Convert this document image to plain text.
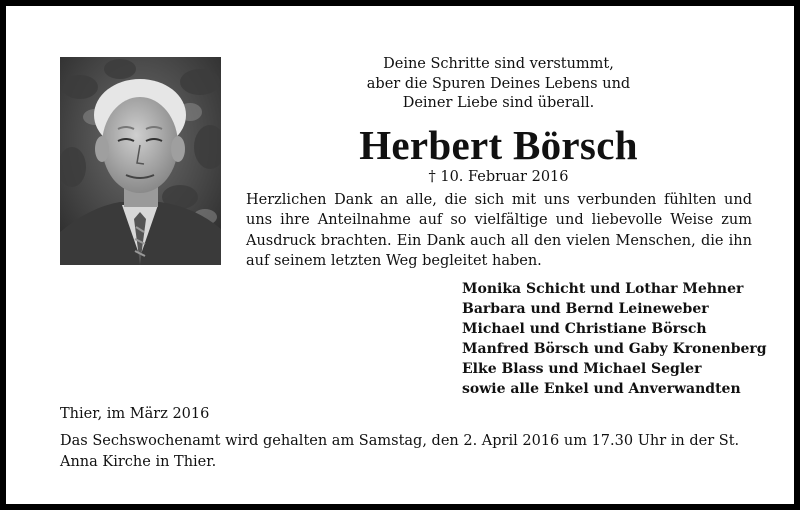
Deine Schritte sind verstummt,
aber die Spuren Deines Lebens und
Deiner Liebe sind überall.
Herbert Börsch
† 10. Februar 2016

Herzlichen Dank an alle, die sich mit uns verbunden fühlten und uns ihre Anteilnahme auf so vielfältige und liebevolle Weise zum Ausdruck brachten. Ein Dank auch all den vielen Menschen, die ihn auf seinem letzten Weg begleitet haben.

Monika Schicht und Lothar Mehner
Barbara und Bernd Leineweber
Michael und Christiane Börsch
Manfred Börsch und Gaby Kronenberg
Elke Blass und Michael Segler
sowie alle Enkel und Anverwandten
Thier, im März 2016
Das Sechswochenamt wird gehalten am Samstag, den 2. April 2016 um 17.30 Uhr in der St. Anna Kirche in Thier.
